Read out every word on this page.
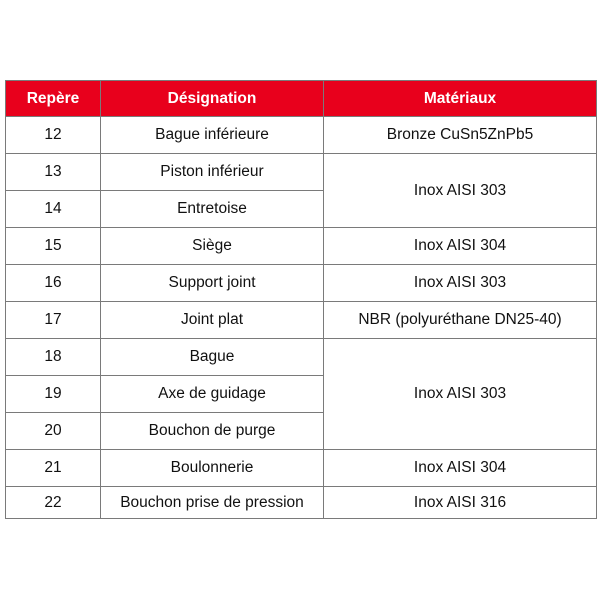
Repère	Désignation	Matériaux
12	Bague inférieure	Bronze CuSn5ZnPb5
13	Piston inférieur	Inox AISI 303
14	Entretoise	
15	Siège	Inox AISI 304
16	Support joint	Inox AISI 303
17	Joint plat	NBR (polyuréthane DN25-40)
18	Bague	Inox AISI 303
19	Axe de guidage	
20	Bouchon de purge	
21	Boulonnerie	Inox AISI 304
22	Bouchon prise de pression	Inox AISI 316
